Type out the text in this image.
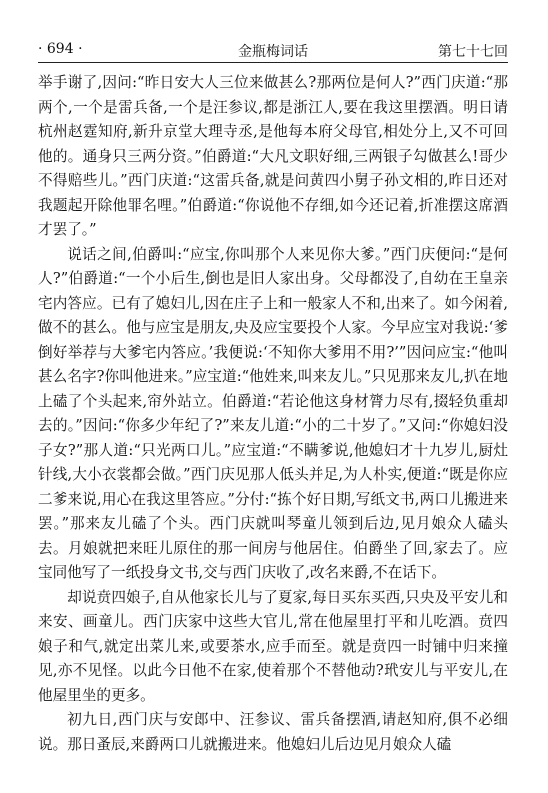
· 694 ·	金瓶梅词话	第七十七回

举手谢了,因问:“昨日安大人三位来做甚么?那两位是何人?”西门庆道:“那两个,一个是雷兵备,一个是汪参议,都是浙江人,要在我这里摆酒。明日请杭州赵霆知府,新升京堂大理寺丞,是他每本府父母官,相处分上,又不可回他的。通身只三两分资。”伯爵道:“大凡文职好细,三两银子勾做甚么!哥少不得赔些儿。”西门庆道:“这雷兵备,就是问黄四小舅子孙文相的,昨日还对我题起开除他罪名哩。”伯爵道:“你说他不存细,如今还记着,折准摆这席酒才罢了。”

说话之间,伯爵叫:“应宝,你叫那个人来见你大爹。”西门庆便问:“是何人?”伯爵道:“一个小后生,倒也是旧人家出身。父母都没了,自幼在王皇亲宅内答应。已有了媳妇儿,因在庄子上和一般家人不和,出来了。如今闲着,做不的甚么。他与应宝是朋友,央及应宝要投个人家。今早应宝对我说:‘爹倒好举荐与大爹宅内答应。’我便说:‘不知你大爹用不用?’”因问应宝:“他叫甚么名字?你叫他进来。”应宝道:“他姓来,叫来友儿。”只见那来友儿,扒在地上磕了个头起来,帘外站立。伯爵道:“若论他这身材膂力尽有,掇轻负重却去的。”因问:“你多少年纪了?”来友儿道:“小的二十岁了。”又问:“你媳妇没子女?”那人道:“只光两口儿。”应宝道:“不瞒爹说,他媳妇才十九岁儿,厨灶针线,大小衣裳都会做。”西门庆见那人低头并足,为人朴实,便道:“既是你应二爹来说,用心在我这里答应。”分付:“拣个好日期,写纸文书,两口儿搬进来罢。”那来友儿磕了个头。西门庆就叫琴童儿领到后边,见月娘众人磕头去。月娘就把来旺儿原住的那一间房与他居住。伯爵坐了回,家去了。应宝同他写了一纸投身文书,交与西门庆收了,改名来爵,不在话下。

却说贲四娘子,自从他家长儿与了夏家,每日买东买西,只央及平安儿和来安、画童儿。西门庆家中这些大官儿,常在他屋里打平和儿吃酒。贲四娘子和气,就定出菜儿来,或要茶水,应手而至。就是贲四一时铺中归来撞见,亦不见怪。以此今日他不在家,使着那个不替他动?玳安儿与平安儿,在他屋里坐的更多。

初九日,西门庆与安郎中、汪参议、雷兵备摆酒,请赵知府,俱不必细说。那日蚤辰,来爵两口儿就搬进来。他媳妇儿后边见月娘众人磕
